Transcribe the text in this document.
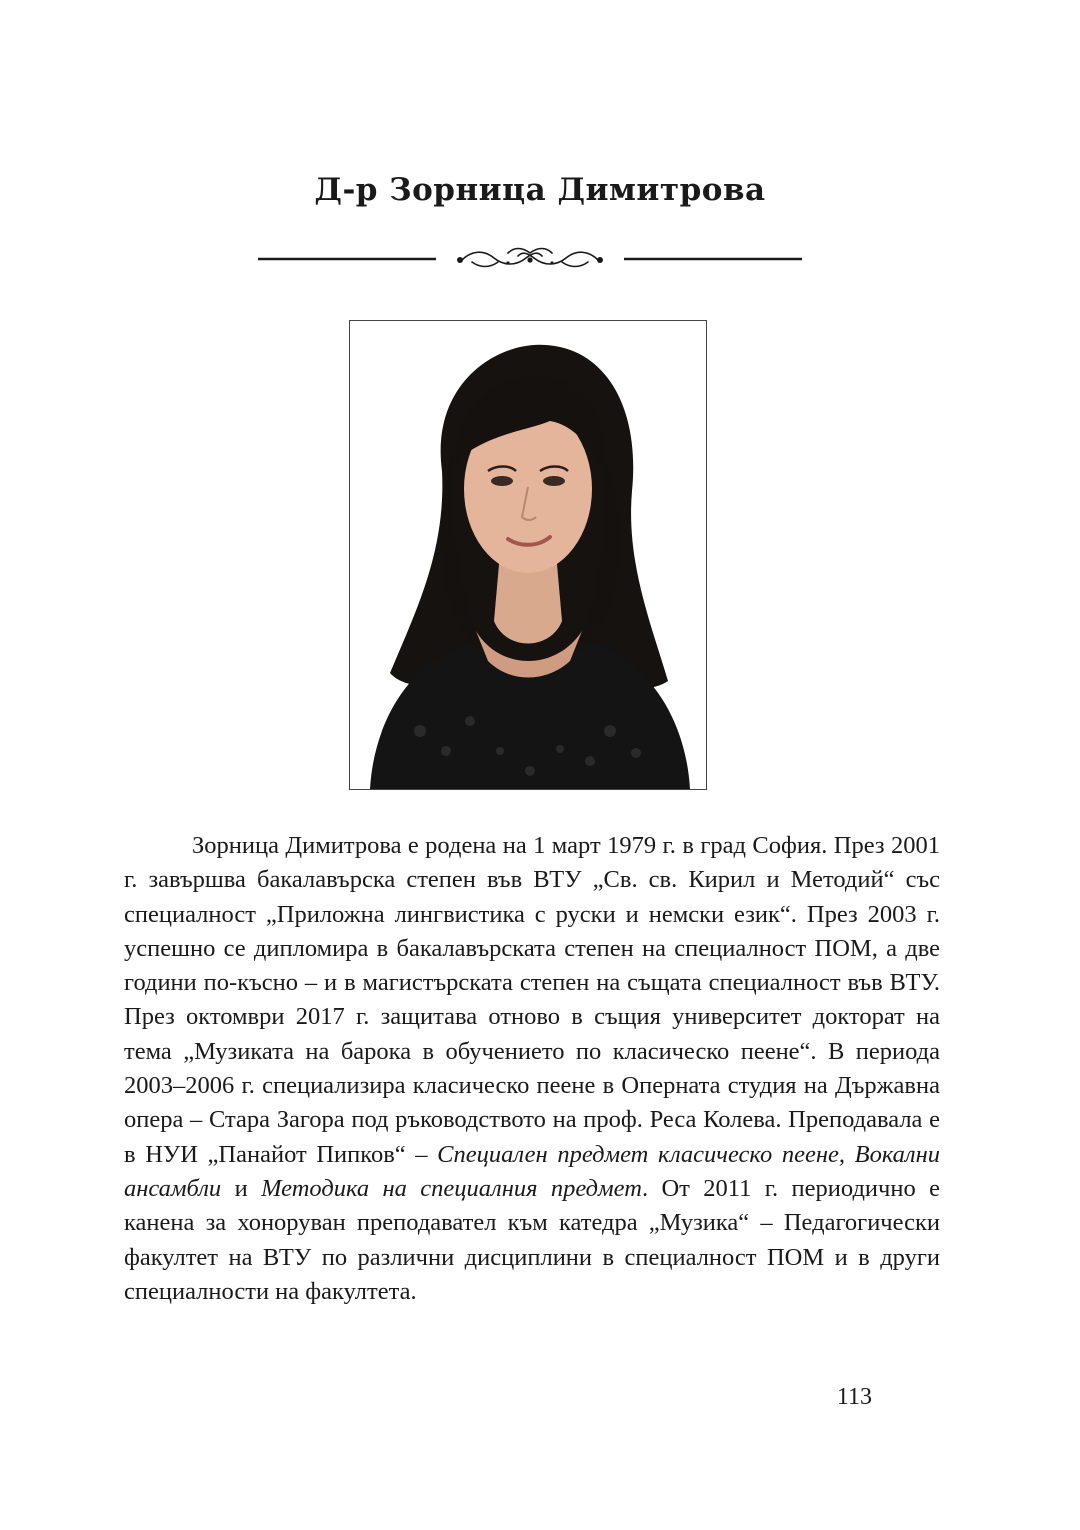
Д-р Зорница Димитрова

Зорница Димитрова е родена на 1 март 1979 г. в град София. През 2001 г. завършва бакалавърска степен във ВТУ „Св. св. Кирил и Методий“ със специалност „Приложна лингвистика с руски и немски език“. През 2003 г. успешно се дипломира в бакалавърската степен на специалност ПОМ, а две години по-късно – и в магистърската степен на същата специалност във ВТУ. През октомври 2017 г. защитава отново в същия университет докторат на тема „Музиката на барока в обучението по класическо пеене“. В периода 2003–2006 г. специализира класическо пеене в Оперната студия на Държавна опера – Стара Загора под ръководството на проф. Реса Колева. Преподавала е в НУИ „Панайот Пипков“ – Специален предмет класическо пеене, Вокални ансамбли и Методика на специалния предмет. От 2011 г. периодично е канена за хоноруван преподавател към катедра „Музика“ – Педагогически факултет на ВТУ по различни дисциплини в специалност ПОМ и в други специалности на факултета.

113
